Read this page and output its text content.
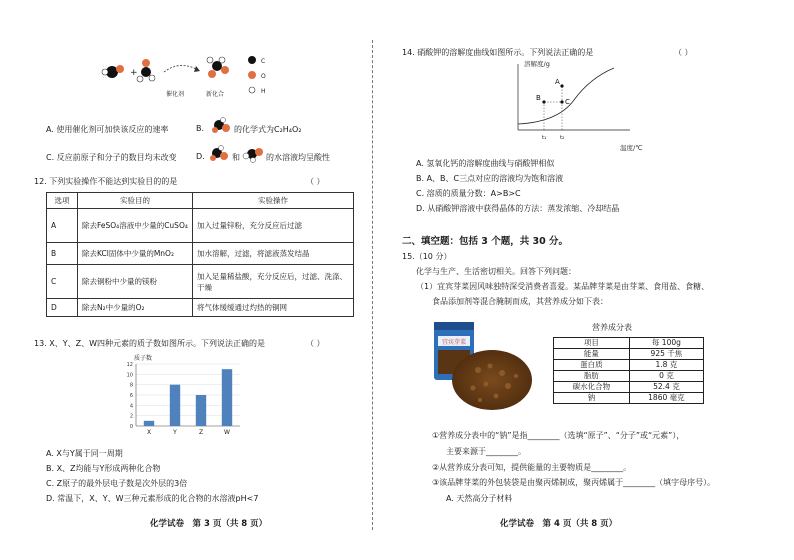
+
催化剂	新化合
C
O
H
A. 使用催化剂可加快该反应的速率	B.	的化学式为C₂H₄O₂
C. 反应前原子和分子的数目均未改变 D.	和	的水溶液均呈酸性
12. 下列实验操作不能达到实验目的的是	（ ）
选项	实验目的	实验操作
A	除去FeSO₄溶液中少量的CuSO₄	加入过量锌粉，充分反应后过滤
B	除去KCl固体中少量的MnO₂	加水溶解，过滤，将滤液蒸发结晶
C	除去铜粉中少量的镁粉	加入足量稀盐酸，充分反应后，过滤、洗涤、干燥
D	除去N₂中少量的O₂	将气体缓缓通过灼热的铜网
13. X、Y、Z、W四种元素的质子数如图所示。下列说法正确的是	（ ）
质子数
0
2
4
6
8
10
12
X	Y	Z	W
A. X与Y属于同一周期
B. X、Z均能与Y形成两种化合物
C. Z原子的最外层电子数是次外层的3倍
D. 常温下，X、Y、W三种元素形成的化合物的水溶液pH<7
化学试卷　第 3 页（共 8 页）
14. 硝酸钾的溶解度曲线如图所示。下列说法正确的是	（ ）
溶解度/g
温度/℃
A
B	C
t₁ t₂
A. 氢氧化钙的溶解度曲线与硝酸钾相似
B. A、B、C三点对应的溶液均为饱和溶液
C. 溶质的质量分数：A>B>C
D. 从硝酸钾溶液中获得晶体的方法：蒸发浓缩、冷却结晶
二、填空题：包括 3 个题，共 30 分。
15.（10 分）
化学与生产、生活密切相关。回答下列问题：
（1）宜宾芽菜因风味独特深受消费者喜爱。某品牌芽菜是由芽菜、食用盐、食糖、
食品添加剂等混合腌制而成，其营养成分如下表：
宜宾芽菜
营养成分表
项目	每 100g
能量	925 千焦
蛋白质	1.8 克
脂肪	0 克
碳水化合物	52.4 克
钠	1860 毫克
①营养成分表中的“钠”是指________（选填“原子”、“分子”或“元素”），
主要来源于________。
②从营养成分表可知，提供能量的主要物质是________。
③该品牌芽菜的外包装袋是由聚丙烯制成，聚丙烯属于________（填字母序号）。
A. 天然高分子材料
化学试卷　第 4 页（共 8 页）
